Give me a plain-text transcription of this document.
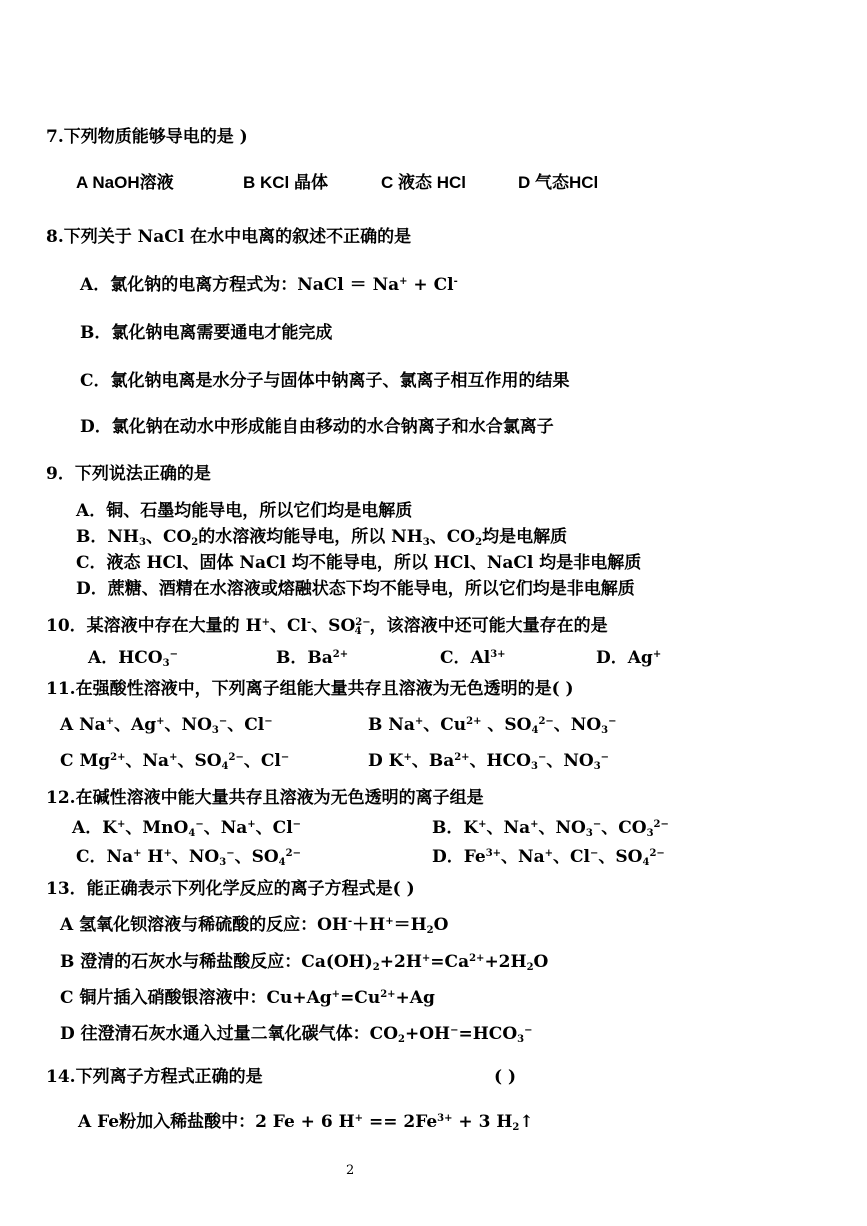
7.下列物质能够导电的是 )
A NaOH溶液	B KCl 晶体	C 液态 HCl	D 气态HCl
8.下列关于 NaCl 在水中电离的叙述不正确的是
A．氯化钠的电离方程式为：NaCl ＝ Na+ + Cl-
B．氯化钠电离需要通电才能完成
C．氯化钠电离是水分子与固体中钠离子、氯离子相互作用的结果
D．氯化钠在动水中形成能自由移动的水合钠离子和水合氯离子
9．下列说法正确的是
A．铜、石墨均能导电，所以它们均是电解质
B．$NH_3$、$CO_2$的水溶液均能导电，所以 $NH_3$、$CO_2$均是电解质
C．液态 HCl、固体 NaCl 均不能导电，所以 HCl、NaCl 均是非电解质
D．蔗糖、酒精在水溶液或熔融状态下均不能导电，所以它们均是非电解质
10．某溶液中存在大量的 H+、Cl-、$SO^{2-}_4$ ，该溶液中还可能大量存在的是
A．$HCO_3^-$	B．$Ba^{2+}$	C．$Al^{3+}$	D．Ag+
11.在强酸性溶液中，下列离子组能大量共存且溶液为无色透明的是( )
A Na+、Ag+、$NO_3^-$、Cl−	B Na+、$Cu^{2+}$ 、$SO_4^{2-}$、$NO_3^-$
C $Mg^{2+}$、Na+、$SO_4^{2-}$、Cl−	D K+、$Ba^{2+}$、$HCO_3^-$、$NO_3^-$
12.在碱性溶液中能大量共存且溶液为无色透明的离子组是
A．K+、MnO$_4$−、Na+、Cl−	B．K+、Na+、$NO_3^-$、$CO_3^{2-}$
C．Na+ H+、$NO_3^-$、$SO_4^{2-}$	D．$Fe^{3+}$、Na+、Cl−、$SO_4^{2-}$
13．能正确表示下列化学反应的离子方程式是( )
A 氢氧化钡溶液与稀硫酸的反应：$OH^-+H^+=H_2O$
B 澄清的石灰水与稀盐酸反应：$Ca(OH)_2+2H^+=Ca^{2+}+2H_2O$
C 铜片插入硝酸银溶液中：$Cu+Ag^+=Cu^{2+}+Ag$
D 往澄清石灰水通入过量二氧化碳气体：$CO_2+OH^-=HCO_3^-$
14.下列离子方程式正确的是	( )
A Fe粉加入稀盐酸中：2 Fe + 6 $H^+ == 2Fe^{3+} + 3$ $H_2↑$
2
